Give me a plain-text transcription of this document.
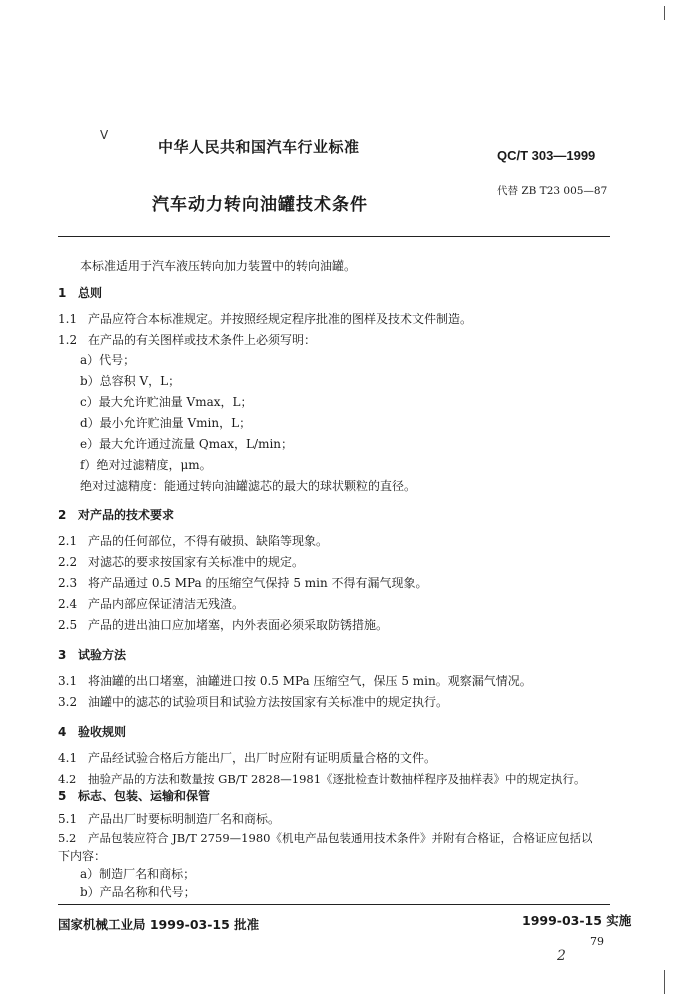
V
中华人民共和国汽车行业标准	QC/T 303—1999
汽车动力转向油罐技术条件
代替 ZB T23 005—87
本标准适用于汽车液压转向加力装置中的转向油罐。
1 总则
1.1 产品应符合本标准规定。并按照经规定程序批准的图样及技术文件制造。
1.2 在产品的有关图样或技术条件上必须写明：
a）代号；
b）总容积 V，L；
c）最大允许贮油量 Vmax，L；
d）最小允许贮油量 Vmin，L；
e）最大允许通过流量 Qmax，L/min；
f）绝对过滤精度，μm。
绝对过滤精度：能通过转向油罐滤芯的最大的球状颗粒的直径。
2 对产品的技术要求
2.1 产品的任何部位，不得有破损、缺陷等现象。
2.2 对滤芯的要求按国家有关标准中的规定。
2.3 将产品通过 0.5 MPa 的压缩空气保持 5 min 不得有漏气现象。
2.4 产品内部应保证清洁无残渣。
2.5 产品的进出油口应加堵塞，内外表面必须采取防锈措施。
3 试验方法
3.1 将油罐的出口堵塞，油罐进口按 0.5 MPa 压缩空气，保压 5 min。观察漏气情况。
3.2 油罐中的滤芯的试验项目和试验方法按国家有关标准中的规定执行。
4 验收规则
4.1 产品经试验合格后方能出厂，出厂时应附有证明质量合格的文件。
4.2 抽验产品的方法和数量按 GB/T 2828—1981《逐批检查计数抽样程序及抽样表》中的规定执行。
5 标志、包装、运输和保管
5.1 产品出厂时要标明制造厂名和商标。
5.2 产品包装应符合 JB/T 2759—1980《机电产品包装通用技术条件》并附有合格证，合格证应包括以
下内容：
a）制造厂名和商标；
b）产品名称和代号；
国家机械工业局 1999-03-15 批准	1999-03-15 实施
79
2
